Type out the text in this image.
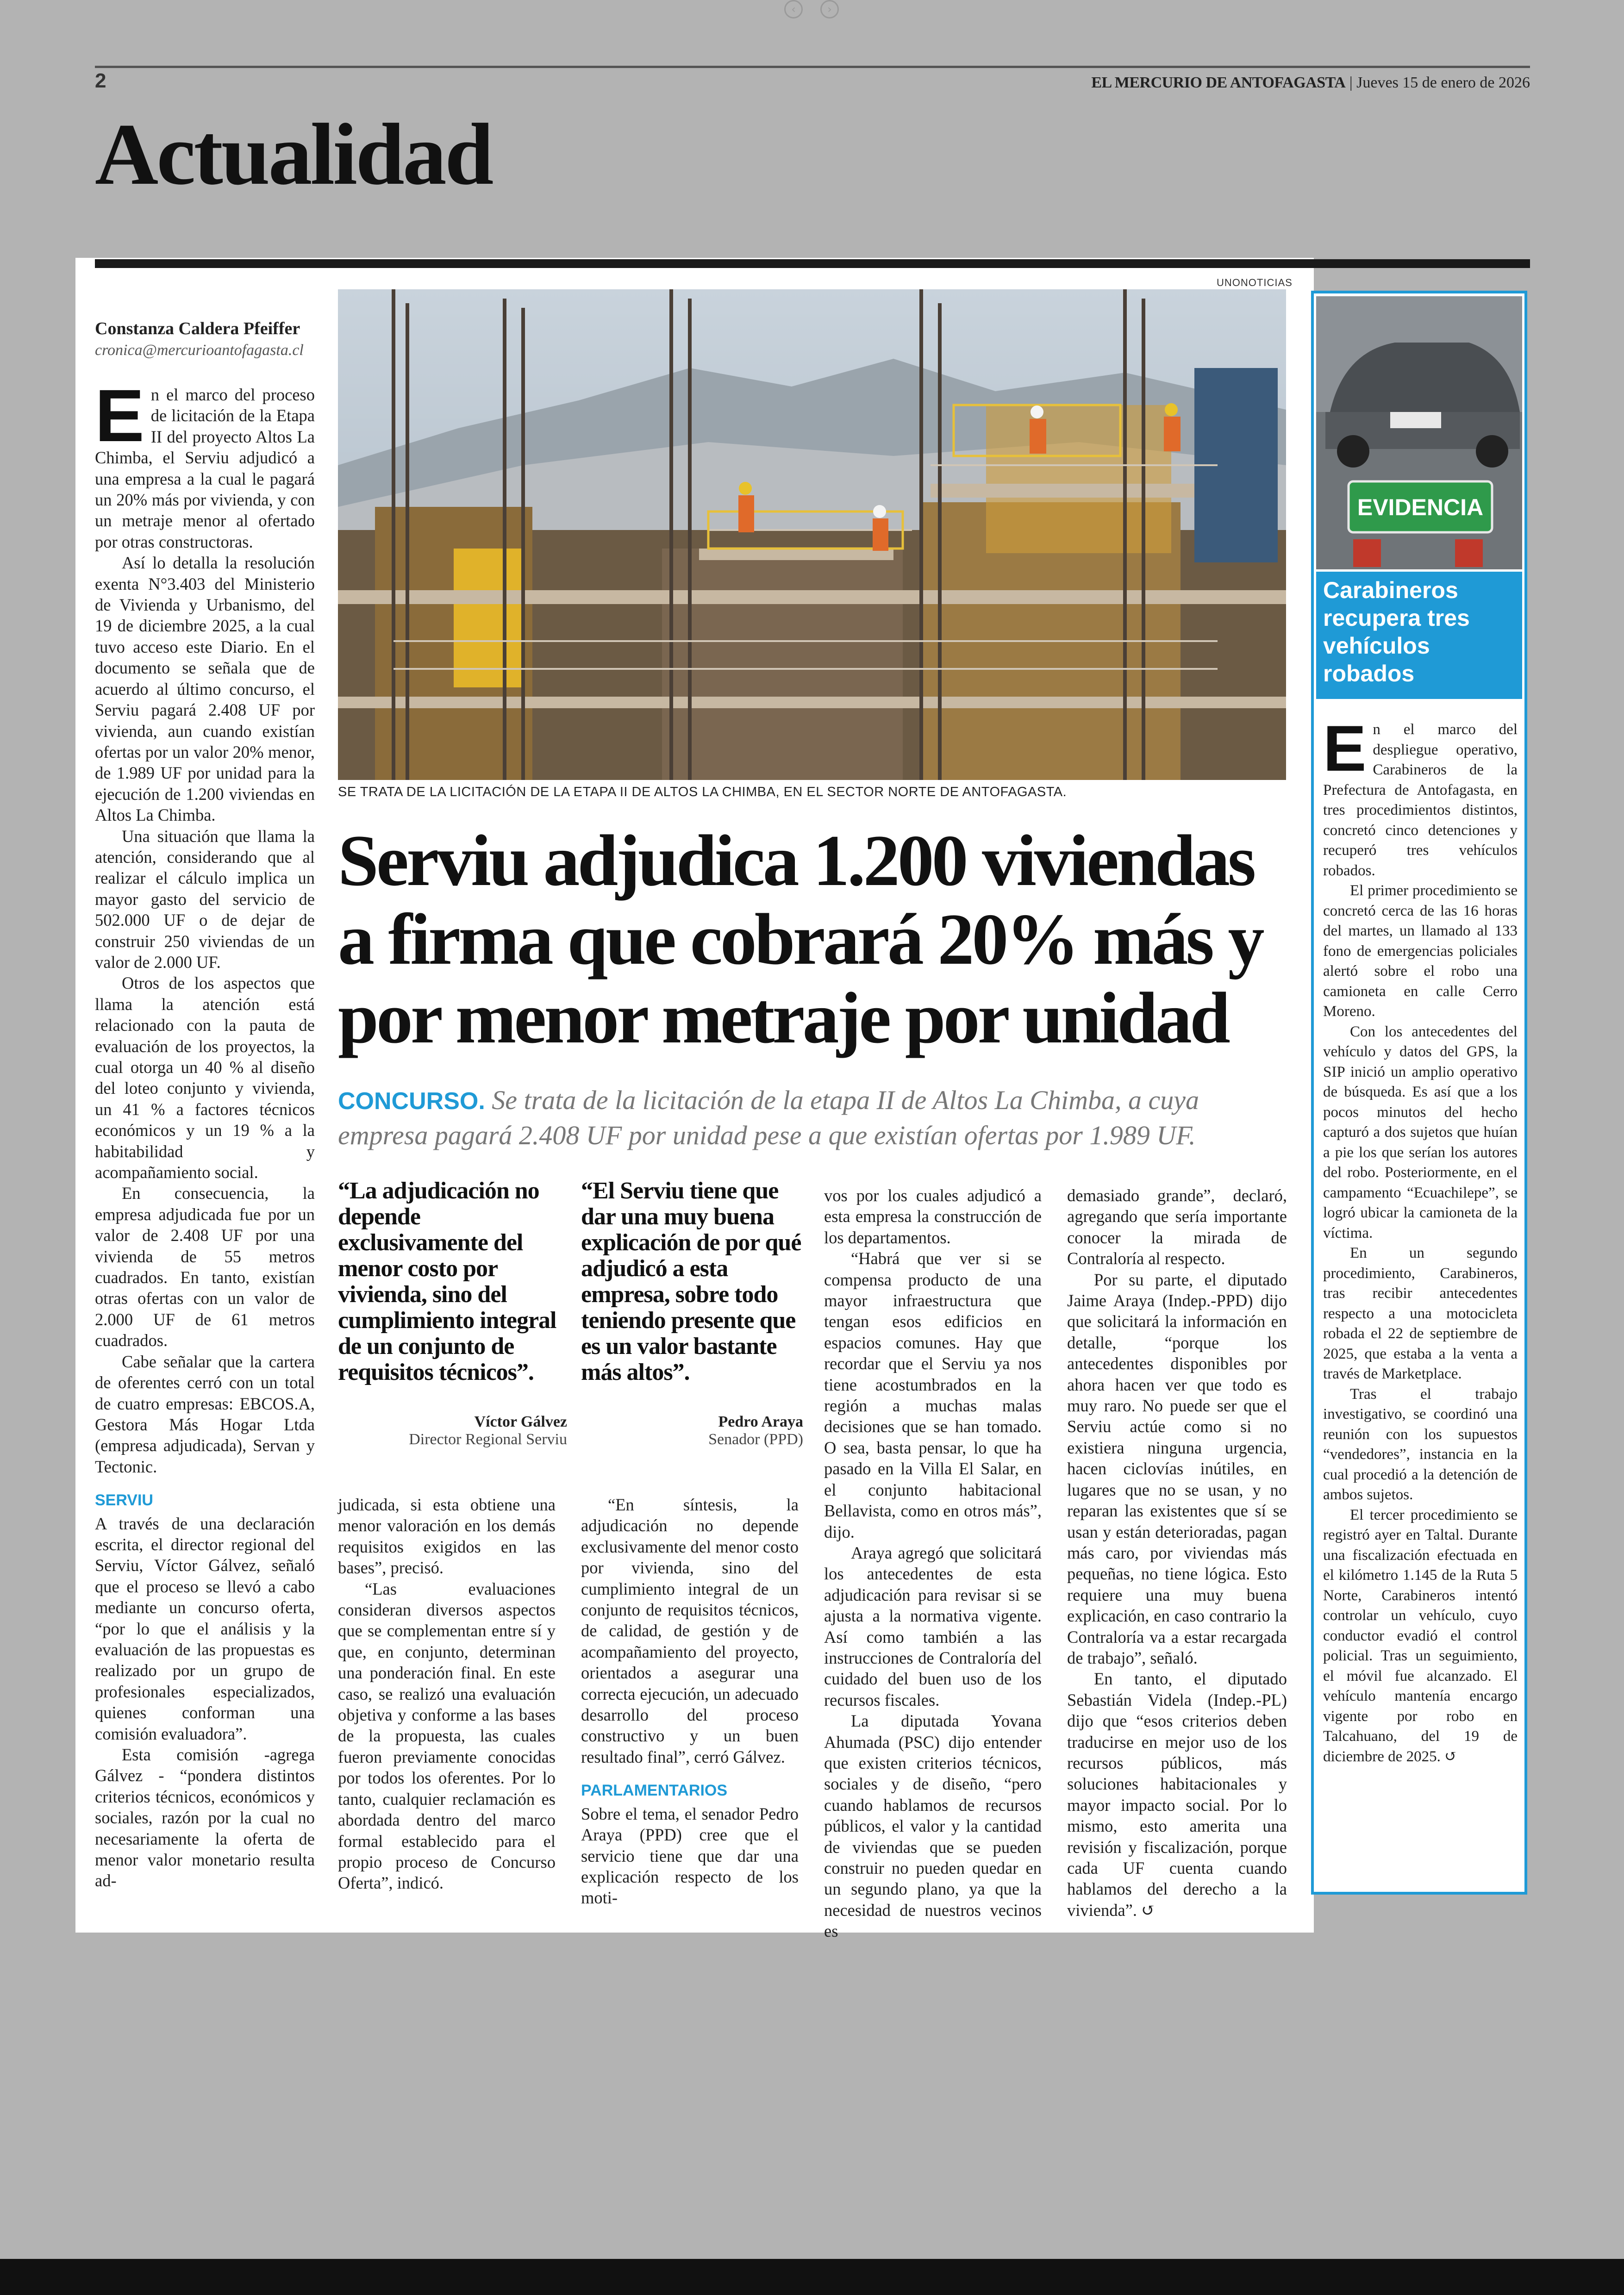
‹	›
2	EL MERCURIO DE ANTOFAGASTA | Jueves 15 de enero de 2026
Actualidad
UNONOTICIAS
SE TRATA DE LA LICITACIÓN DE LA ETAPA II DE ALTOS LA CHIMBA, EN EL SECTOR NORTE DE ANTOFAGASTA.
Serviu adjudica 1.200 viviendas a firma que cobrará 20% más y por menor metraje por unidad
CONCURSO. Se trata de la licitación de la etapa II de Altos La Chimba, a cuya empresa pagará 2.408 UF por unidad pese a que existían ofertas por 1.989 UF.
Constanza Caldera Pfeiffer
cronica@mercurioantofagasta.cl

En el marco del proceso de licitación de la Etapa II del proyecto Altos La Chimba, el Serviu adjudicó a una empresa a la cual le pagará un 20% más por vivienda, y con un metraje menor al ofertado por otras constructoras.

Así lo detalla la resolución exenta N°3.403 del Ministerio de Vivienda y Urbanismo, del 19 de diciembre 2025, a la cual tuvo acceso este Diario. En el documento se señala que de acuerdo al último concurso, el Serviu pagará 2.408 UF por vivienda, aun cuando existían ofertas por un valor 20% menor, de 1.989 UF por unidad para la ejecución de 1.200 viviendas en Altos La Chimba.

Una situación que llama la atención, considerando que al realizar el cálculo implica un mayor gasto del servicio de 502.000 UF o de dejar de construir 250 viviendas de un valor de 2.000 UF.

Otros de los aspectos que llama la atención está relacionado con la pauta de evaluación de los proyectos, la cual otorga un 40 % al diseño del loteo conjunto y vivienda, un 41 % a factores técnicos económicos y un 19 % a la habitabilidad y acompañamiento social.

En consecuencia, la empresa adjudicada fue por un valor de 2.408 UF por una vivienda de 55 metros cuadrados. En tanto, existían otras ofertas con un valor de 2.000 UF de 61 metros cuadrados.

Cabe señalar que la cartera de oferentes cerró con un total de cuatro empresas: EBCOS.A, Gestora Más Hogar Ltda (empresa adjudicada), Servan y Tectonic.

SERVIU

A través de una declaración escrita, el director regional del Serviu, Víctor Gálvez, señaló que el proceso se llevó a cabo mediante un concurso oferta, “por lo que el análisis y la evaluación de las propuestas es realizado por un grupo de profesionales especializados, quienes conforman una comisión evaluadora”.

Esta comisión -agrega Gálvez - “pondera distintos criterios técnicos, económicos y sociales, razón por la cual no necesariamente la oferta de menor valor monetario resulta ad-

“La adjudicación no depende exclusivamente del menor costo por vivienda, sino del cumplimiento integral de un conjunto de requisitos técnicos”.
Víctor Gálvez
Director Regional Serviu
“El Serviu tiene que dar una muy buena explicación de por qué adjudicó a esta empresa, sobre todo teniendo presente que es un valor bastante más altos”.
Pedro Araya
Senador (PPD)

judicada, si esta obtiene una menor valoración en los demás requisitos exigidos en las bases”, precisó.

“Las evaluaciones consideran diversos aspectos que se complementan entre sí y que, en conjunto, determinan una ponderación final. En este caso, se realizó una evaluación objetiva y conforme a las bases de la propuesta, las cuales fueron previamente conocidas por todos los oferentes. Por lo tanto, cualquier reclamación es abordada dentro del marco formal establecido para el propio proceso de Concurso Oferta”, indicó.

“En síntesis, la adjudicación no depende exclusivamente del menor costo por vivienda, sino del cumplimiento integral de un conjunto de requisitos técnicos, de calidad, de gestión y de acompañamiento del proyecto, orientados a asegurar una correcta ejecución, un adecuado desarrollo del proceso constructivo y un buen resultado final”, cerró Gálvez.

PARLAMENTARIOS

Sobre el tema, el senador Pedro Araya (PPD) cree que el servicio tiene que dar una explicación respecto de los moti-

vos por los cuales adjudicó a esta empresa la construcción de los departamentos.

“Habrá que ver si se compensa producto de una mayor infraestructura que tengan esos edificios en espacios comunes. Hay que recordar que el Serviu ya nos tiene acostumbrados en la región a muchas malas decisiones que se han tomado. O sea, basta pensar, lo que ha pasado en la Villa El Salar, en el conjunto habitacional Bellavista, como en otros más”, dijo.

Araya agregó que solicitará los antecedentes de esta adjudicación para revisar si se ajusta a la normativa vigente. Así como también a las instrucciones de Contraloría del cuidado del buen uso de los recursos fiscales.

La diputada Yovana Ahumada (PSC) dijo entender que existen criterios técnicos, sociales y de diseño, “pero cuando hablamos de recursos públicos, el valor y la cantidad de viviendas que se pueden construir no pueden quedar en un segundo plano, ya que la necesidad de nuestros vecinos es

demasiado grande”, declaró, agregando que sería importante conocer la mirada de Contraloría al respecto.

Por su parte, el diputado Jaime Araya (Indep.-PPD) dijo que solicitará la información en detalle, “porque los antecedentes disponibles por ahora hacen ver que todo es muy raro. No puede ser que el Serviu actúe como si no existiera ninguna urgencia, hacen ciclovías inútiles, en lugares que no se usan, y no reparan las existentes que sí se usan y están deterioradas, pagan más caro, por viviendas más pequeñas, no tiene lógica. Esto requiere una muy buena explicación, en caso contrario la Contraloría va a estar recargada de trabajo”, señaló.

En tanto, el diputado Sebastián Videla (Indep.-PL) dijo que “esos criterios deben traducirse en mejor uso de los recursos públicos, más soluciones habitacionales y mayor impacto social. Por lo mismo, esto amerita una revisión y fiscalización, porque cada UF cuenta cuando hablamos del derecho a la vivienda”. ↺

EVIDENCIA
Carabineros recupera tres vehículos robados

En el marco del despliegue operativo, Carabineros de la Prefectura de Antofagasta, en tres procedimientos distintos, concretó cinco detenciones y recuperó tres vehículos robados.

El primer procedimiento se concretó cerca de las 16 horas del martes, un llamado al 133 fono de emergencias policiales alertó sobre el robo una camioneta en calle Cerro Moreno.

Con los antecedentes del vehículo y datos del GPS, la SIP inició un amplio operativo de búsqueda. Es así que a los pocos minutos del hecho capturó a dos sujetos que huían a pie los que serían los autores del robo. Posteriormente, en el campamento “Ecuachilepe”, se logró ubicar la camioneta de la víctima.

En un segundo procedimiento, Carabineros, tras recibir antecedentes respecto a una motocicleta robada el 22 de septiembre de 2025, que estaba a la venta a través de Marketplace.

Tras el trabajo investigativo, se coordinó una reunión con los supuestos “vendedores”, instancia en la cual procedió a la detención de ambos sujetos.

El tercer procedimiento se registró ayer en Taltal. Durante una fiscalización efectuada en el kilómetro 1.145 de la Ruta 5 Norte, Carabineros intentó controlar un vehículo, cuyo conductor evadió el control policial. Tras un seguimiento, el móvil fue alcanzado. El vehículo mantenía encargo vigente por robo en Talcahuano, del 19 de diciembre de 2025. ↺
